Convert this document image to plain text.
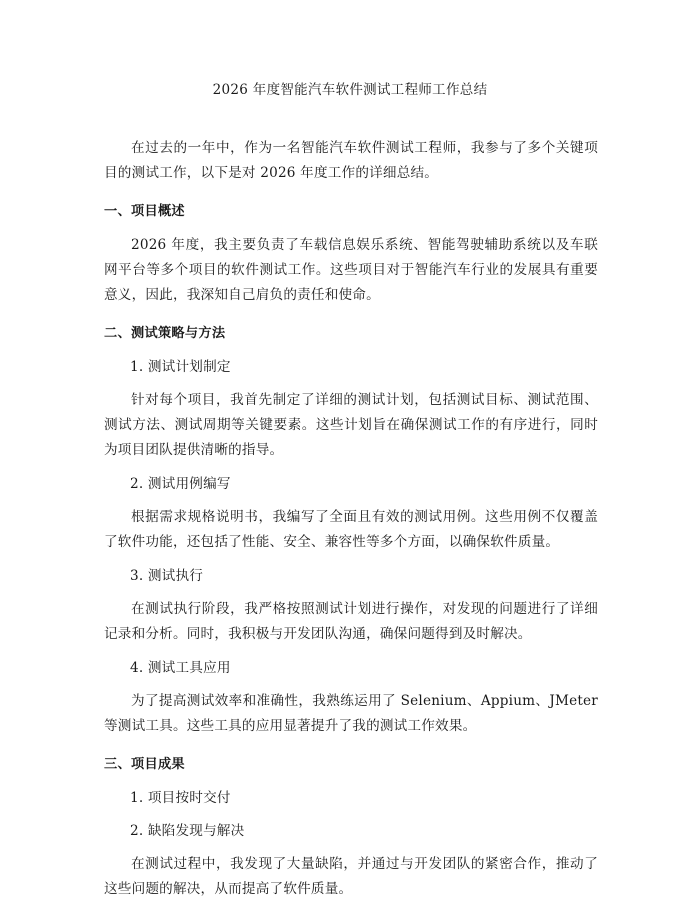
2026 年度智能汽车软件测试工程师工作总结

在过去的一年中，作为一名智能汽车软件测试工程师，我参与了多个关键项目的测试工作，以下是对 2026 年度工作的详细总结。

一、项目概述

2026 年度，我主要负责了车载信息娱乐系统、智能驾驶辅助系统以及车联网平台等多个项目的软件测试工作。这些项目对于智能汽车行业的发展具有重要意义，因此，我深知自己肩负的责任和使命。

二、测试策略与方法

1. 测试计划制定

针对每个项目，我首先制定了详细的测试计划，包括测试目标、测试范围、测试方法、测试周期等关键要素。这些计划旨在确保测试工作的有序进行，同时为项目团队提供清晰的指导。

2. 测试用例编写

根据需求规格说明书，我编写了全面且有效的测试用例。这些用例不仅覆盖了软件功能，还包括了性能、安全、兼容性等多个方面，以确保软件质量。

3. 测试执行

在测试执行阶段，我严格按照测试计划进行操作，对发现的问题进行了详细记录和分析。同时，我积极与开发团队沟通，确保问题得到及时解决。

4. 测试工具应用

为了提高测试效率和准确性，我熟练运用了 Selenium、Appium、JMeter 等测试工具。这些工具的应用显著提升了我的测试工作效果。

三、项目成果

1. 项目按时交付

2. 缺陷发现与解决

在测试过程中，我发现了大量缺陷，并通过与开发团队的紧密合作，推动了这些问题的解决，从而提高了软件质量。
